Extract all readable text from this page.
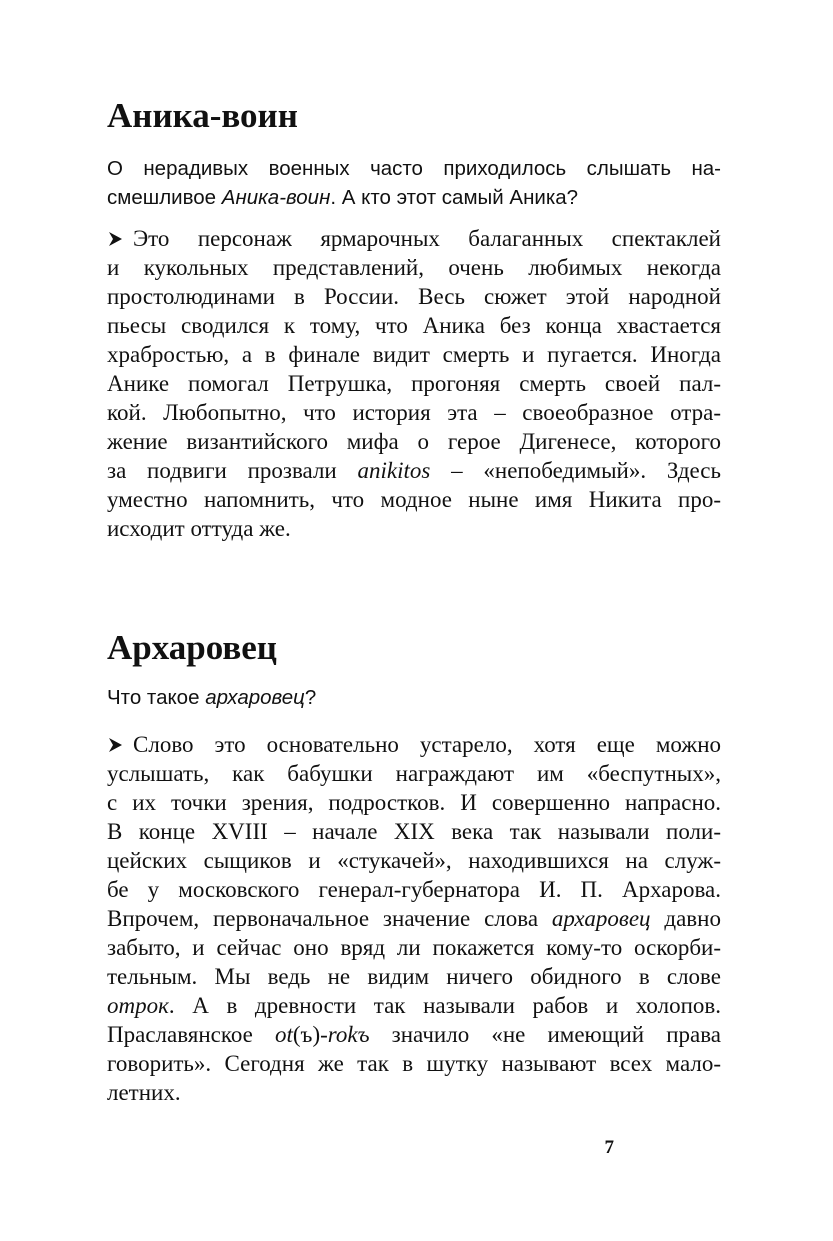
Аника-воин
О нерадивых военных часто приходилось слышать на-
смешливое Аника-воин. А кто этот самый Аника?
Это персонаж ярмарочных балаганных спектаклей
и кукольных представлений, очень любимых некогда
простолюдинами в России. Весь сюжет этой народной
пьесы сводился к тому, что Аника без конца хвастается
храбростью, а в финале видит смерть и пугается. Иногда
Анике помогал Петрушка, прогоняя смерть своей пал-
кой. Любопытно, что история эта – своеобразное отра-
жение византийского мифа о герое Дигенесе, которого
за подвиги прозвали anikitos – «непобедимый». Здесь
уместно напомнить, что модное ныне имя Никита про-
исходит оттуда же.
Архаровец
Что такое архаровец?
Слово это основательно устарело, хотя еще можно
услышать, как бабушки награждают им «беспутных»,
с их точки зрения, подростков. И совершенно напрасно.
В конце XVIII – начале XIX века так называли поли-
цейских сыщиков и «стукачей», находившихся на служ-
бе у московского генерал-губернатора И. П. Архарова.
Впрочем, первоначальное значение слова архаровец давно
забыто, и сейчас оно вряд ли покажется кому-то оскорби-
тельным. Мы ведь не видим ничего обидного в слове
отрок. А в древности так называли рабов и холопов.
Праславянское ot(ъ)-rokъ значило «не имеющий права
говорить». Сегодня же так в шутку называют всех мало-
летних.
7
